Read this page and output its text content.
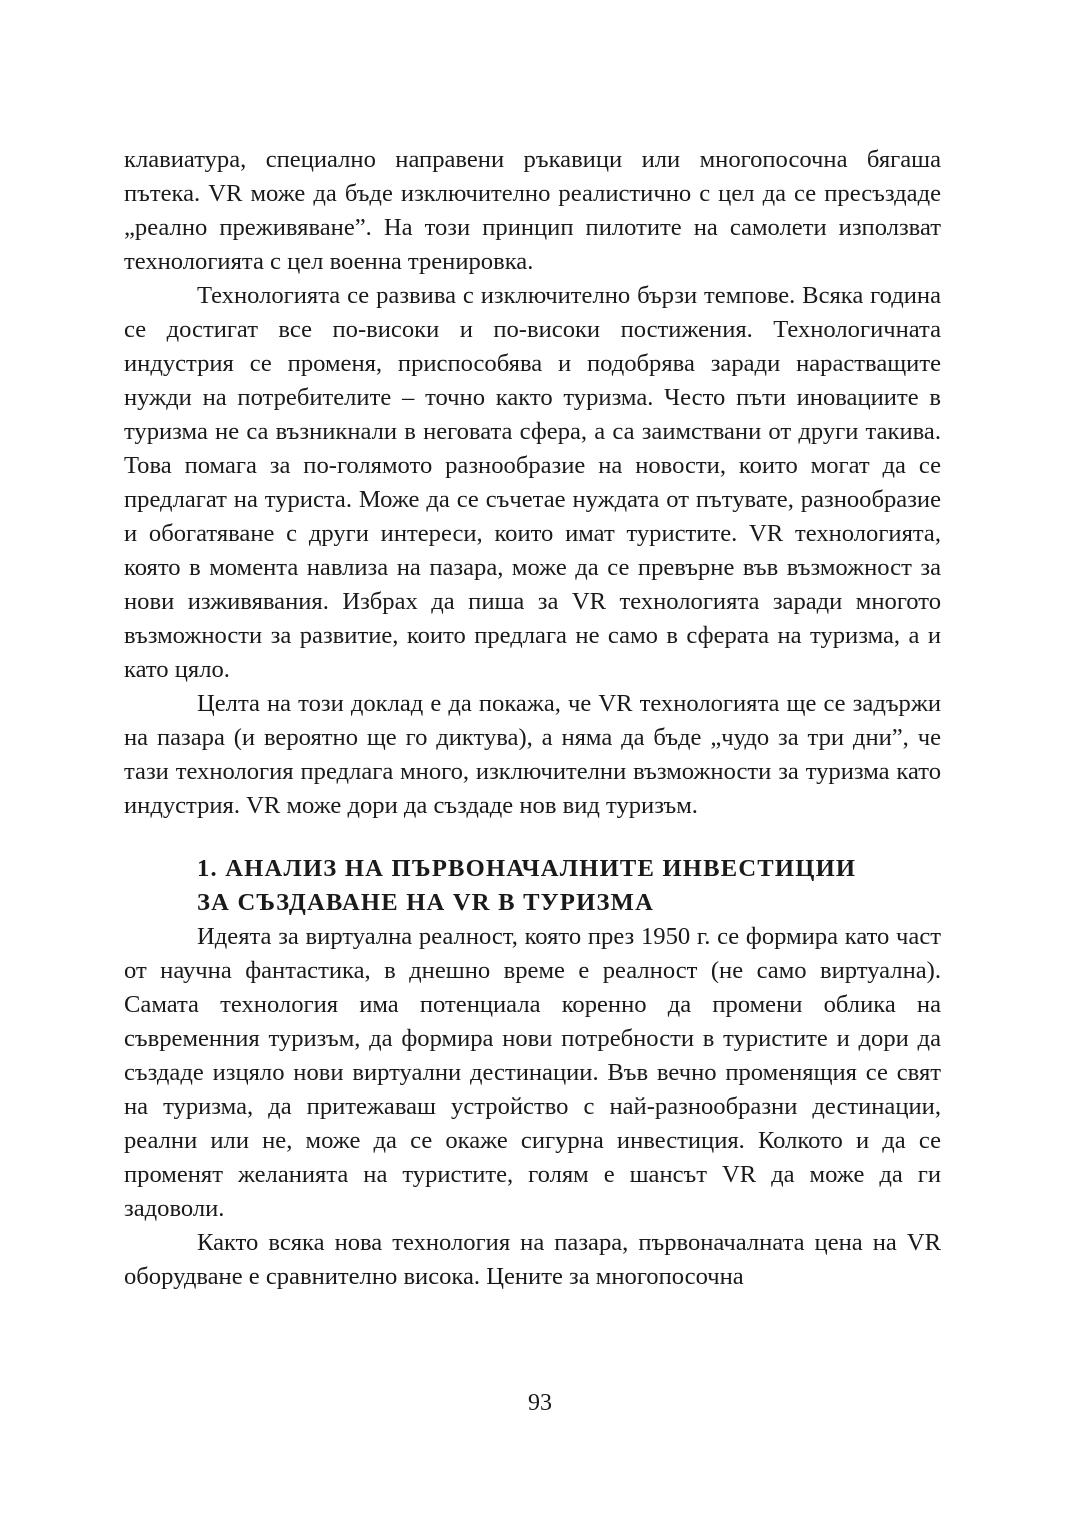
клавиатура, специално направени ръкавици или многопосочна бягаша пътека. VR може да бъде изключително реалистично с цел да се пресъздаде „реално преживяване”. На този принцип пилотите на самолети използват технологията с цел военна тренировка.

Технологията се развива с изключително бързи темпове. Всяка година се достигат все по-високи и по-високи постижения. Технологичната индустрия се променя, приспособява и подобрява заради нарастващите нужди на потребителите – точно както туризма. Често пъти иновациите в туризма не са възникнали в неговата сфера, а са заимствани от други такива. Това помага за по-голямото разнообразие на новости, които могат да се предлагат на туриста. Може да се съчетае нуждата от пътувате, разнообразие и обогатяване с други интереси, които имат туристите. VR технологията, която в момента навлиза на пазара, може да се превърне във възможност за нови изживявания. Избрах да пиша за VR технологията заради многото възможности за развитие, които предлага не само в сферата на туризма, а и като цяло.

Целта на този доклад е да покажа, че VR технологията ще се задържи на пазара (и вероятно ще го диктува), а няма да бъде „чудо за три дни”, че тази технология предлага много, изключителни възможности за туризма като индустрия. VR може дори да създаде нов вид туризъм.

1. АНАЛИЗ НА ПЪРВОНАЧАЛНИТЕ ИНВЕСТИЦИИ
ЗА СЪЗДАВАНЕ НА VR В ТУРИЗМА

Идеята за виртуална реалност, която през 1950 г. се формира като част от научна фантастика, в днешно време е реалност (не само виртуална). Самата технология има потенциала коренно да промени облика на съвременния туризъм, да формира нови потребности в туристите и дори да създаде изцяло нови виртуални дестинации. Във вечно променящия се свят на туризма, да притежаваш устройство с най-разнообразни дестинации, реални или не, може да се окаже сигурна инвестиция. Колкото и да се променят желанията на туристите, голям е шансът VR да може да ги задоволи.

Както всяка нова технология на пазара, първоначалната цена на VR оборудване е сравнително висока. Цените за многопосочна

93
